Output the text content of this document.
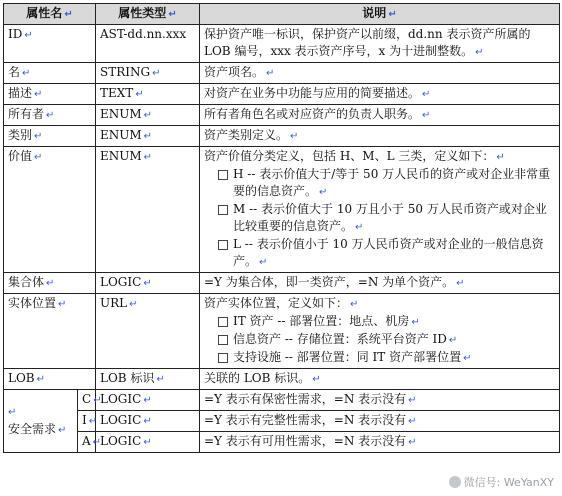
属性名 ↵		属性类型 ↵	说明 ↵
ID ↵		AST-dd.nn.xxx	保护资产唯一标识，保护资产以前缀，dd.nn 表示资产所属的 LOB 编号，xxx 表示资产序号，x 为十进制整数。 ↵
名 ↵		STRING ↵	资产项名。 ↵
描述 ↵		TEXT ↵	对资产在业务中功能与应用的简要描述。 ↵
所有者 ↵		ENUM ↵	所有者角色名或对应资产的负责人职务。 ↵
类别 ↵		ENUM ↵	资产类别定义。 ↵
价值 ↵		ENUM ↵	资产价值分类定义，包括 H、M、L 三类，定义如下： ↵
H -- 表示价值大于/等于 50 万人民币的资产或对企业非常重要的信息资产。 ↵
M -- 表示价值大于 10 万且小于 50 万人民币资产或对企业比较重要的信息资产。 ↵
L -- 表示价值小于 10 万人民币资产或对企业的一般信息资产。 ↵

集合体 ↵		LOGIC ↵	=Y 为集合体，即一类资产，=N 为单个资产。 ↵
实体位置 ↵		URL ↵	资产实体位置，定义如下： ↵
IT 资产 -- 部署位置：地点、机房 ↵
信息资产 -- 存储位置：系统平台资产 ID ↵
支持设施 -- 部署位置：同 IT 资产部署位置 ↵

LOB ↵		LOB 标识 ↵	关联的 LOB 标识。 ↵

↵
安全需求 ↵	C ↵	LOGIC ↵	=Y 表示有保密性需求，=N 表示没有 ↵
	I ↵	LOGIC ↵	=Y 表示有完整性需求，=N 表示没有 ↵
	A ↵	LOGIC ↵	=Y 表示有可用性需求，=N 表示没有 ↵
微信号: WeYanXY
